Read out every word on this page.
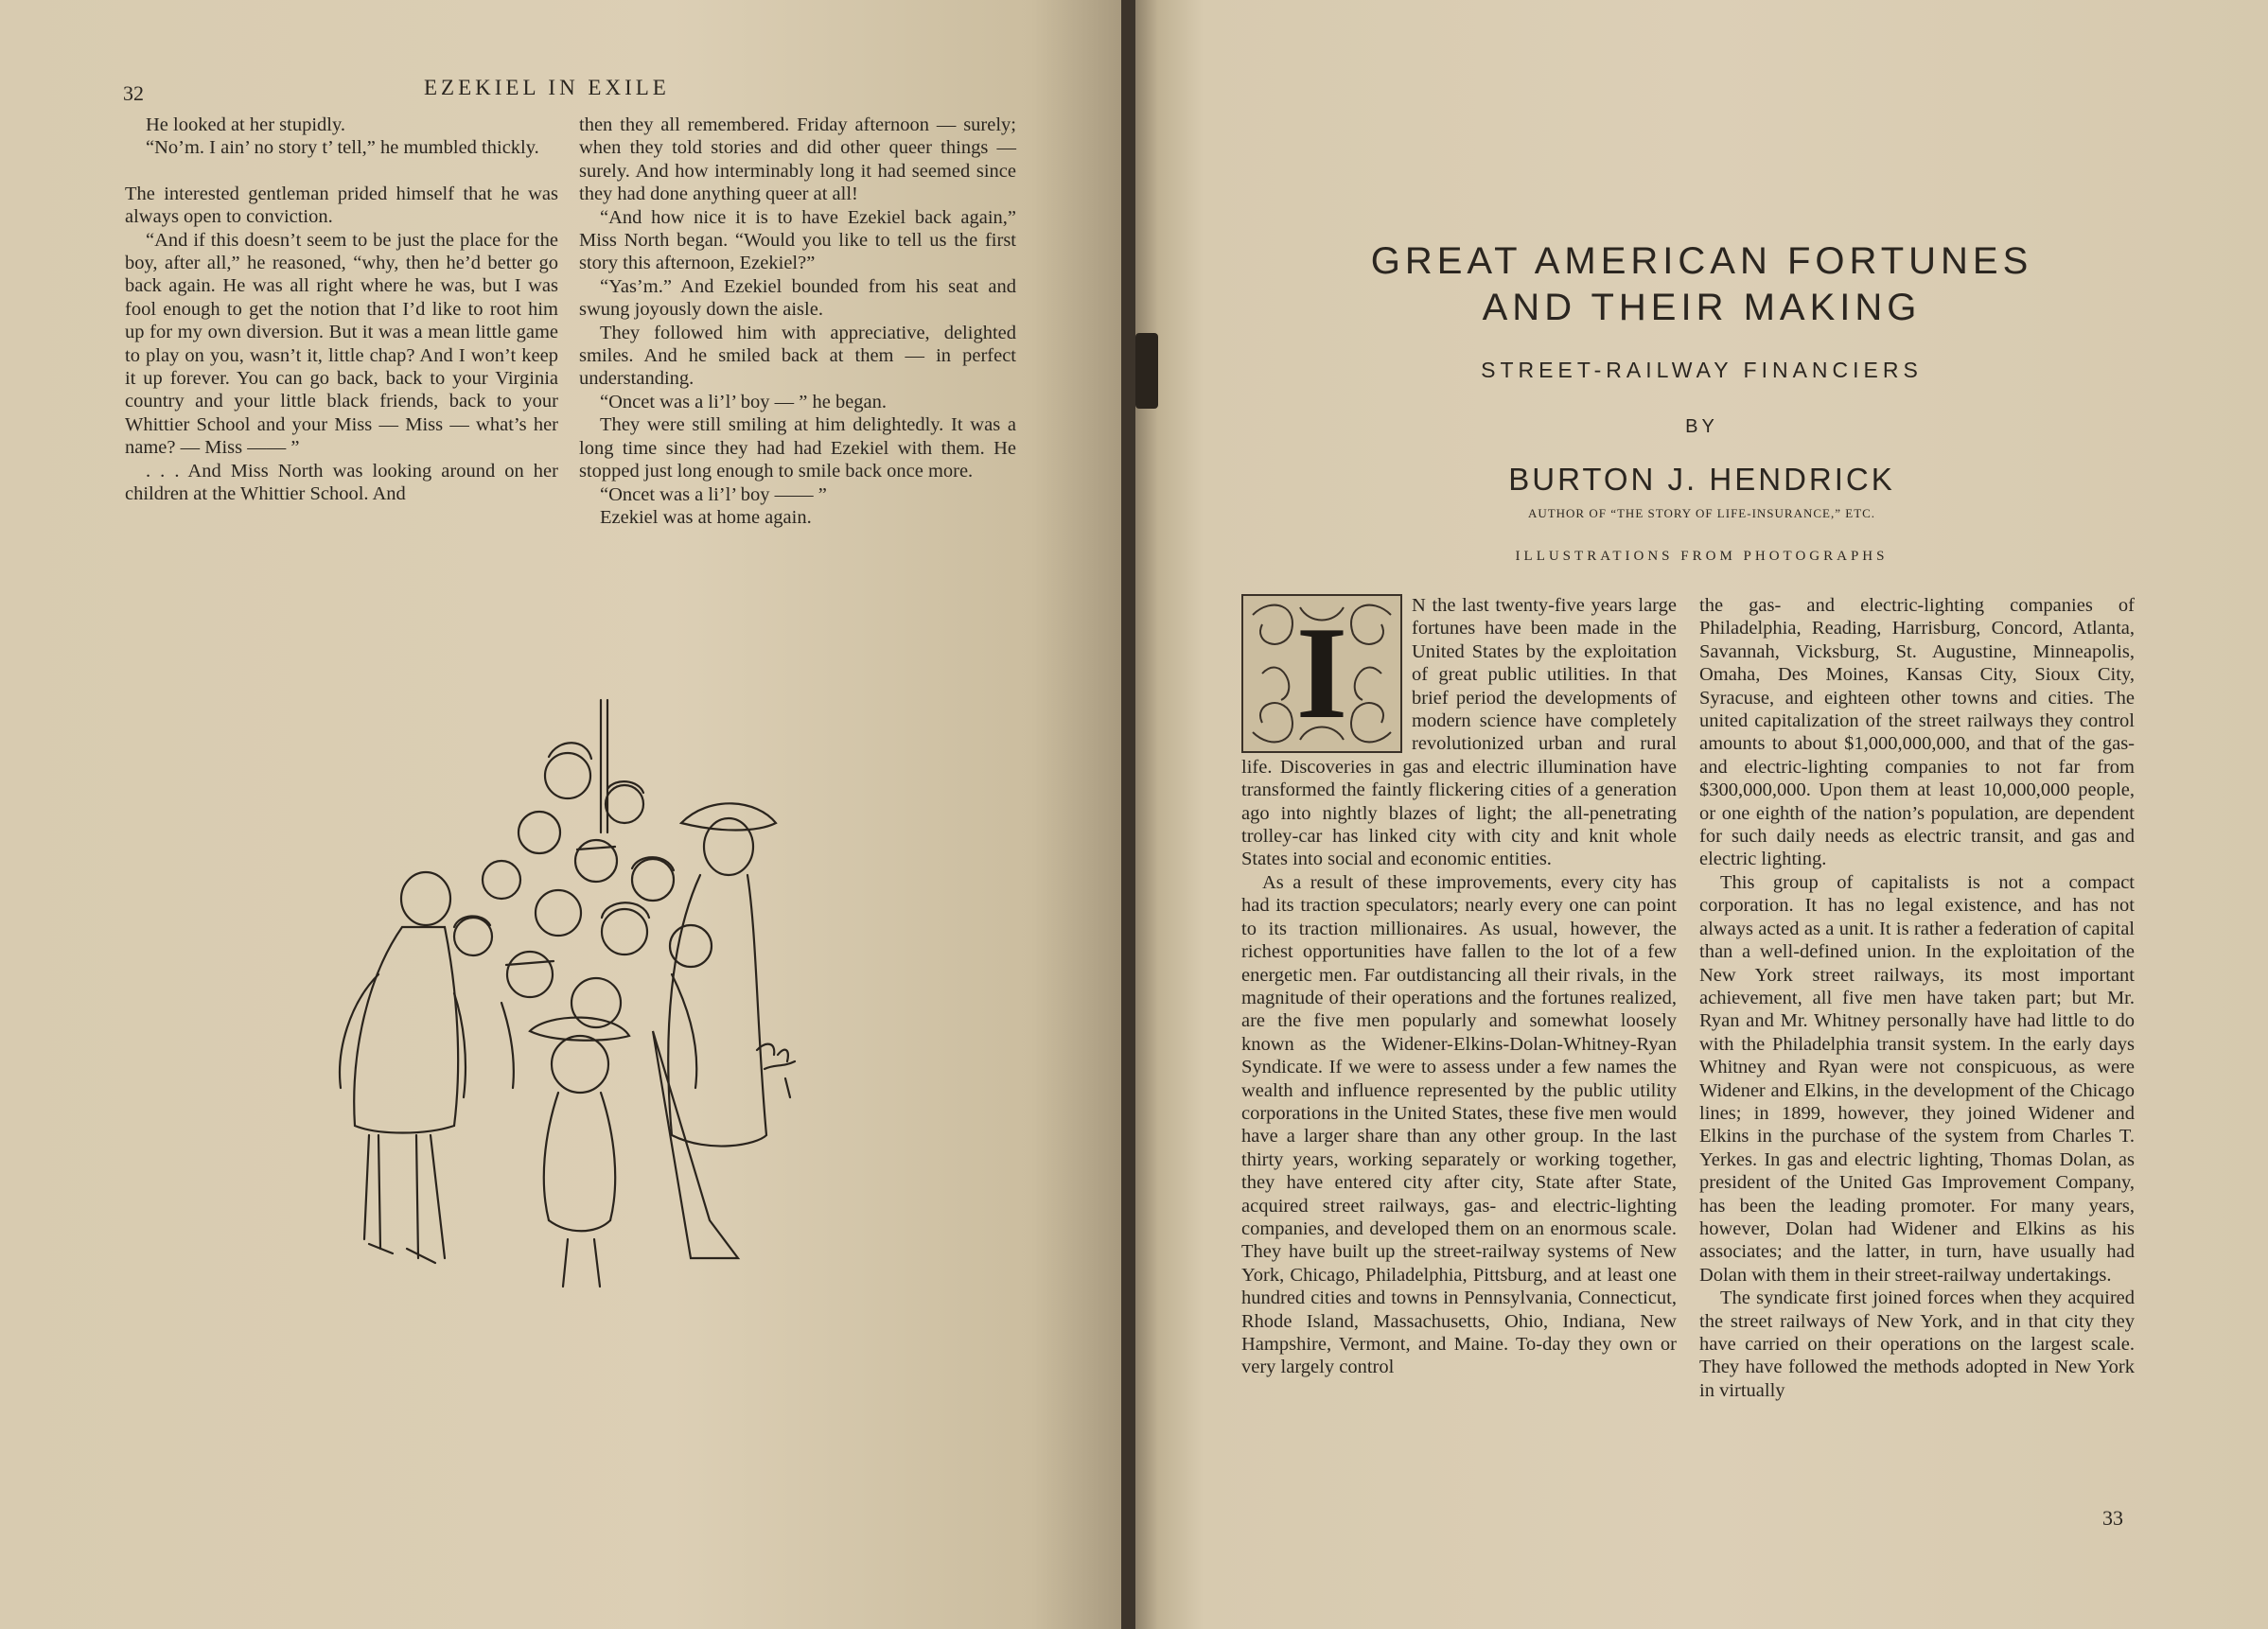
32	EZEKIEL IN EXILE

He looked at her stupidly.

“No’m. I ain’ no story t’ tell,” he mumbled thickly.

The interested gentleman prided himself that he was always open to conviction.

“And if this doesn’t seem to be just the place for the boy, after all,” he reasoned, “why, then he’d better go back again. He was all right where he was, but I was fool enough to get the notion that I’d like to root him up for my own diversion. But it was a mean little game to play on you, wasn’t it, little chap? And I won’t keep it up forever. You can go back, back to your Virginia country and your little black friends, back to your Whittier School and your Miss — Miss — what’s her name? — Miss —— ”

. . . And Miss North was looking around on her children at the Whittier School. And

then they all remembered. Friday afternoon — surely; when they told stories and did other queer things — surely. And how interminably long it had seemed since they had done anything queer at all!

“And how nice it is to have Ezekiel back again,” Miss North began. “Would you like to tell us the first story this afternoon, Ezekiel?”

“Yas’m.” And Ezekiel bounded from his seat and swung joyously down the aisle.

They followed him with appreciative, delighted smiles. And he smiled back at them — in perfect understanding.

“Oncet was a li’l’ boy — ” he began.

They were still smiling at him delightedly. It was a long time since they had had Ezekiel with them. He stopped just long enough to smile back once more.

“Oncet was a li’l’ boy —— ”

Ezekiel was at home again.

GREAT AMERICAN FORTUNES
AND THEIR MAKING
STREET-RAILWAY FINANCIERS
BY
BURTON J. HENDRICK
AUTHOR OF “THE STORY OF LIFE-INSURANCE,” ETC.
ILLUSTRATIONS FROM PHOTOGRAPHS
I	N the last twenty-five years large fortunes have been made in the United States by the exploitation of great public utilities. In that brief period the developments of modern science have completely revolutionized urban and rural life. Discoveries in gas and electric illumination have transformed the faintly flickering cities of a generation ago into nightly blazes of light; the all-penetrating trolley-car has linked city with city and knit whole States into social and economic entities.

As a result of these improvements, every city has had its traction speculators; nearly every one can point to its traction millionaires. As usual, however, the richest opportunities have fallen to the lot of a few energetic men. Far outdistancing all their rivals, in the magnitude of their operations and the fortunes realized, are the five men popularly and somewhat loosely known as the Widener-Elkins-Dolan-Whitney-Ryan Syndicate. If we were to assess under a few names the wealth and influence represented by the public utility corporations in the United States, these five men would have a larger share than any other group. In the last thirty years, working separately or working together, they have entered city after city, State after State, acquired street railways, gas- and electric-lighting companies, and developed them on an enormous scale. They have built up the street-railway systems of New York, Chicago, Philadelphia, Pittsburg, and at least one hundred cities and towns in Pennsylvania, Connecticut, Rhode Island, Massachusetts, Ohio, Indiana, New Hampshire, Vermont, and Maine. To-day they own or very largely control

the gas- and electric-lighting companies of Philadelphia, Reading, Harrisburg, Concord, Atlanta, Savannah, Vicksburg, St. Augustine, Minneapolis, Omaha, Des Moines, Kansas City, Sioux City, Syracuse, and eighteen other towns and cities. The united capitalization of the street railways they control amounts to about $1,000,000,000, and that of the gas- and electric-lighting companies to not far from $300,000,000. Upon them at least 10,000,000 people, or one eighth of the nation’s population, are dependent for such daily needs as electric transit, and gas and electric lighting.

This group of capitalists is not a compact corporation. It has no legal existence, and has not always acted as a unit. It is rather a federation of capital than a well-defined union. In the exploitation of the New York street railways, its most important achievement, all five men have taken part; but Mr. Ryan and Mr. Whitney personally have had little to do with the Philadelphia transit system. In the early days Whitney and Ryan were not conspicuous, as were Widener and Elkins, in the development of the Chicago lines; in 1899, however, they joined Widener and Elkins in the purchase of the system from Charles T. Yerkes. In gas and electric lighting, Thomas Dolan, as president of the United Gas Improvement Company, has been the leading promoter. For many years, however, Dolan had Widener and Elkins as his associates; and the latter, in turn, have usually had Dolan with them in their street-railway undertakings.

The syndicate first joined forces when they acquired the street railways of New York, and in that city they have carried on their operations on the largest scale. They have followed the methods adopted in New York in virtually

33
